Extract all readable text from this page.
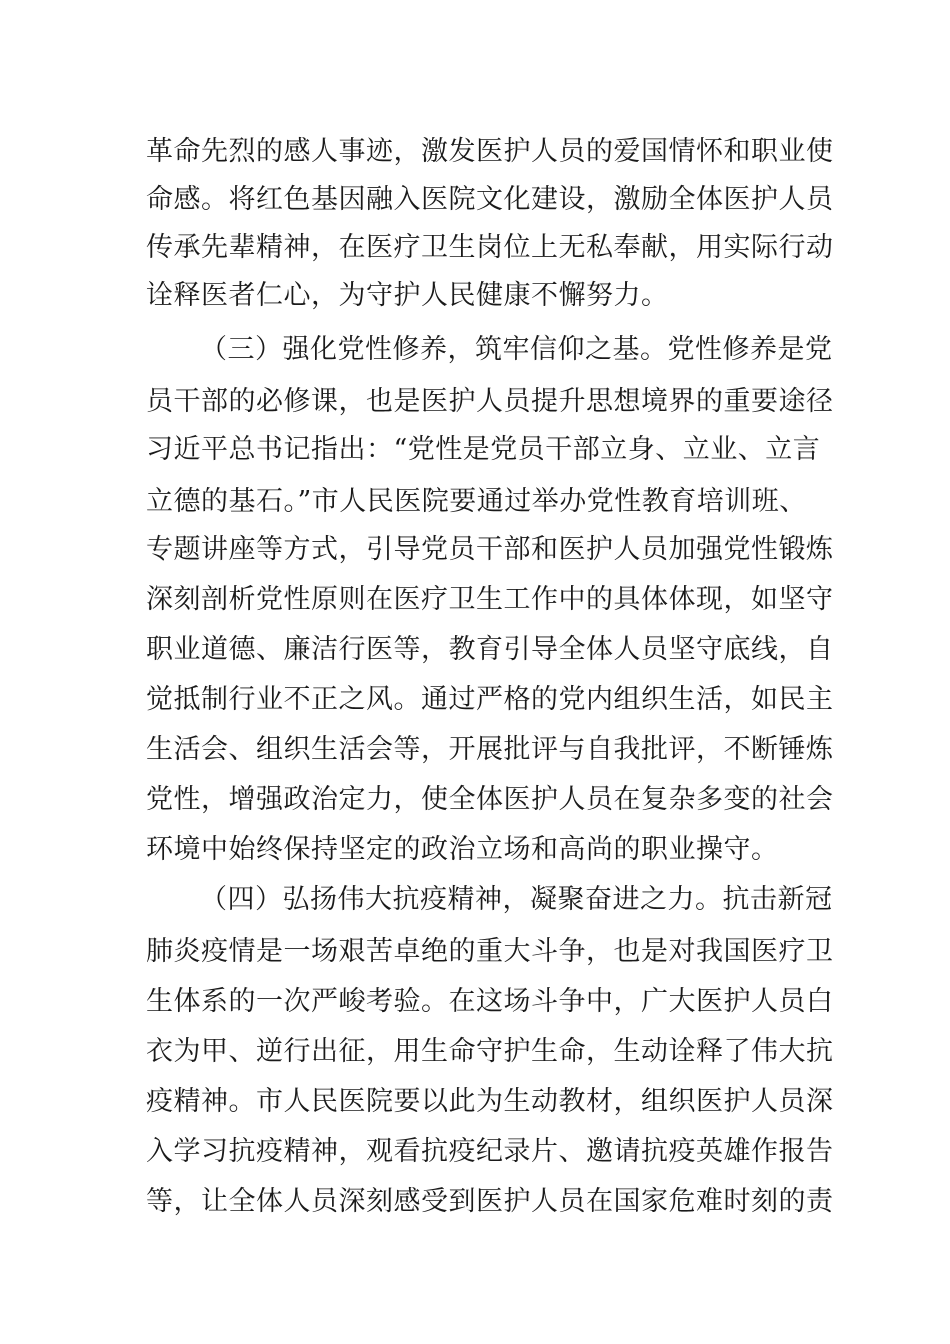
革命先烈的感人事迹，激发医护人员的爱国情怀和职业使
命感。将红色基因融入医院文化建设，激励全体医护人员
传承先辈精神，在医疗卫生岗位上无私奉献，用实际行动
诠释医者仁心，为守护人民健康不懈努力。
（三）强化党性修养，筑牢信仰之基。党性修养是党
员干部的必修课，也是医护人员提升思想境界的重要途径
习近平总书记指出：“党性是党员干部立身、立业、立言
立德的基石。”市人民医院要通过举办党性教育培训班、
专题讲座等方式，引导党员干部和医护人员加强党性锻炼
深刻剖析党性原则在医疗卫生工作中的具体体现，如坚守
职业道德、廉洁行医等，教育引导全体人员坚守底线，自
觉抵制行业不正之风。通过严格的党内组织生活，如民主
生活会、组织生活会等，开展批评与自我批评，不断锤炼
党性，增强政治定力，使全体医护人员在复杂多变的社会
环境中始终保持坚定的政治立场和高尚的职业操守。
（四）弘扬伟大抗疫精神，凝聚奋进之力。抗击新冠
肺炎疫情是一场艰苦卓绝的重大斗争，也是对我国医疗卫
生体系的一次严峻考验。在这场斗争中，广大医护人员白
衣为甲、逆行出征，用生命守护生命，生动诠释了伟大抗
疫精神。市人民医院要以此为生动教材，组织医护人员深
入学习抗疫精神，观看抗疫纪录片、邀请抗疫英雄作报告
等，让全体人员深刻感受到医护人员在国家危难时刻的责
